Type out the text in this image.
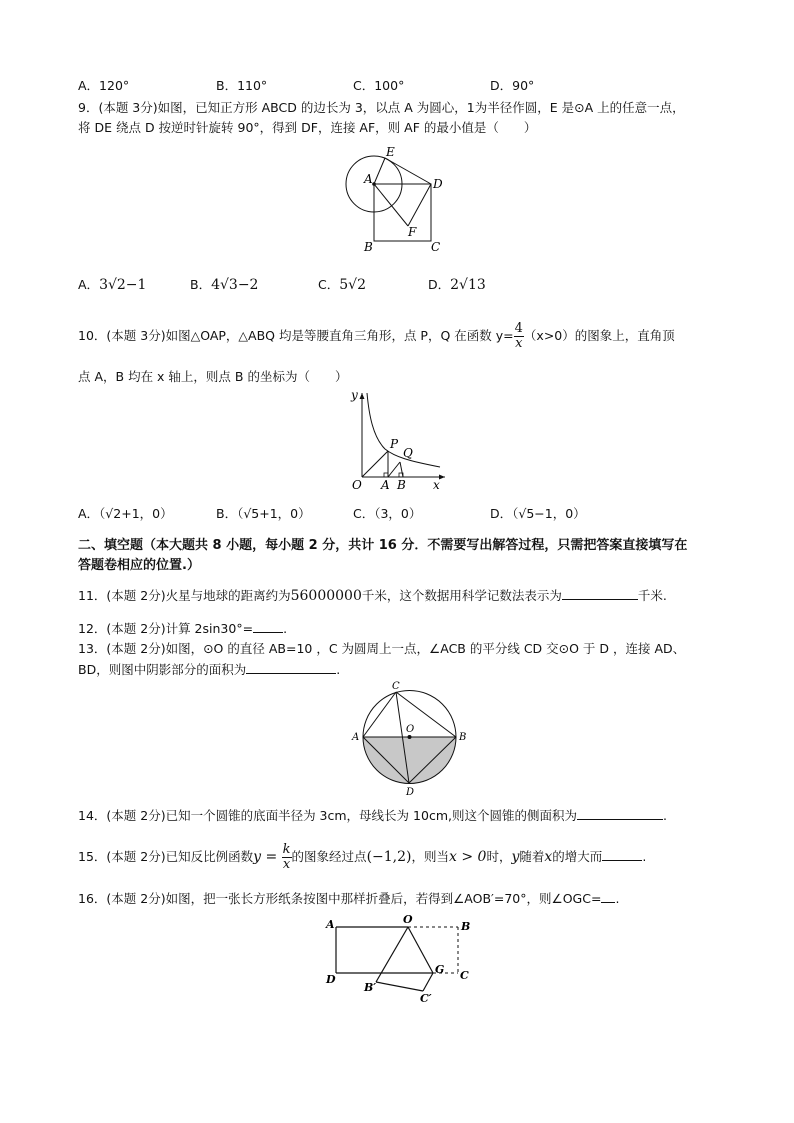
A．120°	B．110°	C．100°	D．90°
9．(本题 3分)如图，已知正方形 ABCD 的边长为 3，以点 A 为圆心，1为半径作圆，E 是⊙A 上的任意一点，
将 DE 绕点 D 按逆时针旋转 90°，得到 DF，连接 AF，则 AF 的最小值是（　　）
A
E
D
F
B	C
A．3√2−1	B．4√3−2	C．5√2	D．2√13
10．(本题 3分)如图△OAP，△ABQ 均是等腰直角三角形，点 P，Q 在函数 $y= \frac{4}{x} (x>0)$的图象上，直角顶
点 A，B 均在 x 轴上，则点 B 的坐标为（　　）
y
x
O A B
P
Q
A．（√2+1，0）	B．（√5+1，0）	C．（3，0）	D．（√5−1，0）
二、填空题（本大题共 8 小题，每小题 2 分，共计 16 分．不需要写出解答过程，只需把答案直接填写在
答题卷相应的位置.）
11．(本题 2分)火星与地球的距离约为56000000千米，这个数据用科学记数法表示为	千米.
12．(本题 2分)计算 2sin30°= .
13．(本题 2分)如图，⊙O 的直径 AB=10 ，C 为圆周上一点，∠ACB 的平分线 CD 交⊙O 于 D ，连接 AD、
BD，则图中阴影部分的面积为	.
C
A	B
O
D
14．(本题 2分)已知一个圆锥的底面半径为 3cm，母线长为 10cm,则这个圆锥的侧面积为	.
15．(本题 2分)已知反比例函数$y = \frac{k}{x}$ 的图象经过点(−1,2)，则当x > 0时，y随着x的增大而	.
16．(本题 2分)如图，把一张长方形纸条按图中那样折叠后，若得到∠AOB′=70°，则∠OGC= .
A	O
B
D
G C
B′
C′
